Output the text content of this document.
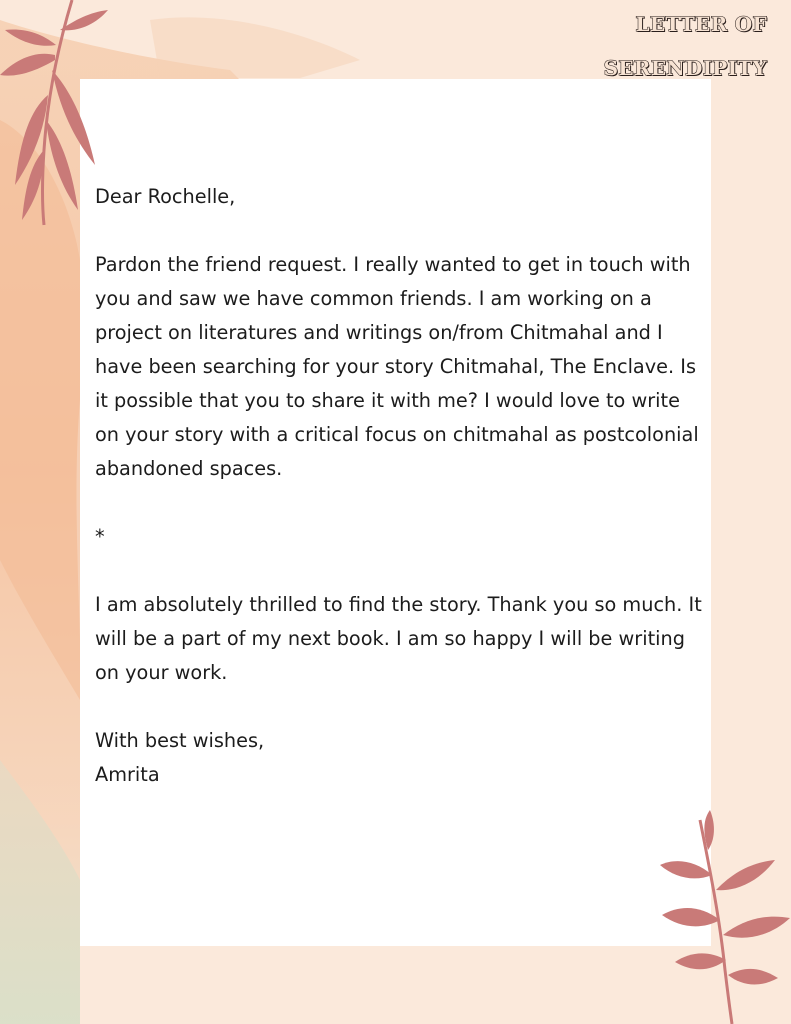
LETTER OF
SERENDIPITY

Dear Rochelle,

Pardon the friend request. I really wanted to get in touch with you and saw we have common friends. I am working on a project on literatures and writings on/from Chitmahal and I have been searching for your story Chitmahal, The Enclave. Is it possible that you to share it with me? I would love to write on your story with a critical focus on chitmahal as postcolonial abandoned spaces.

*

I am absolutely thrilled to find the story. Thank you so much. It will be a part of my next book. I am so happy I will be writing on your work.

With best wishes,

Amrita
